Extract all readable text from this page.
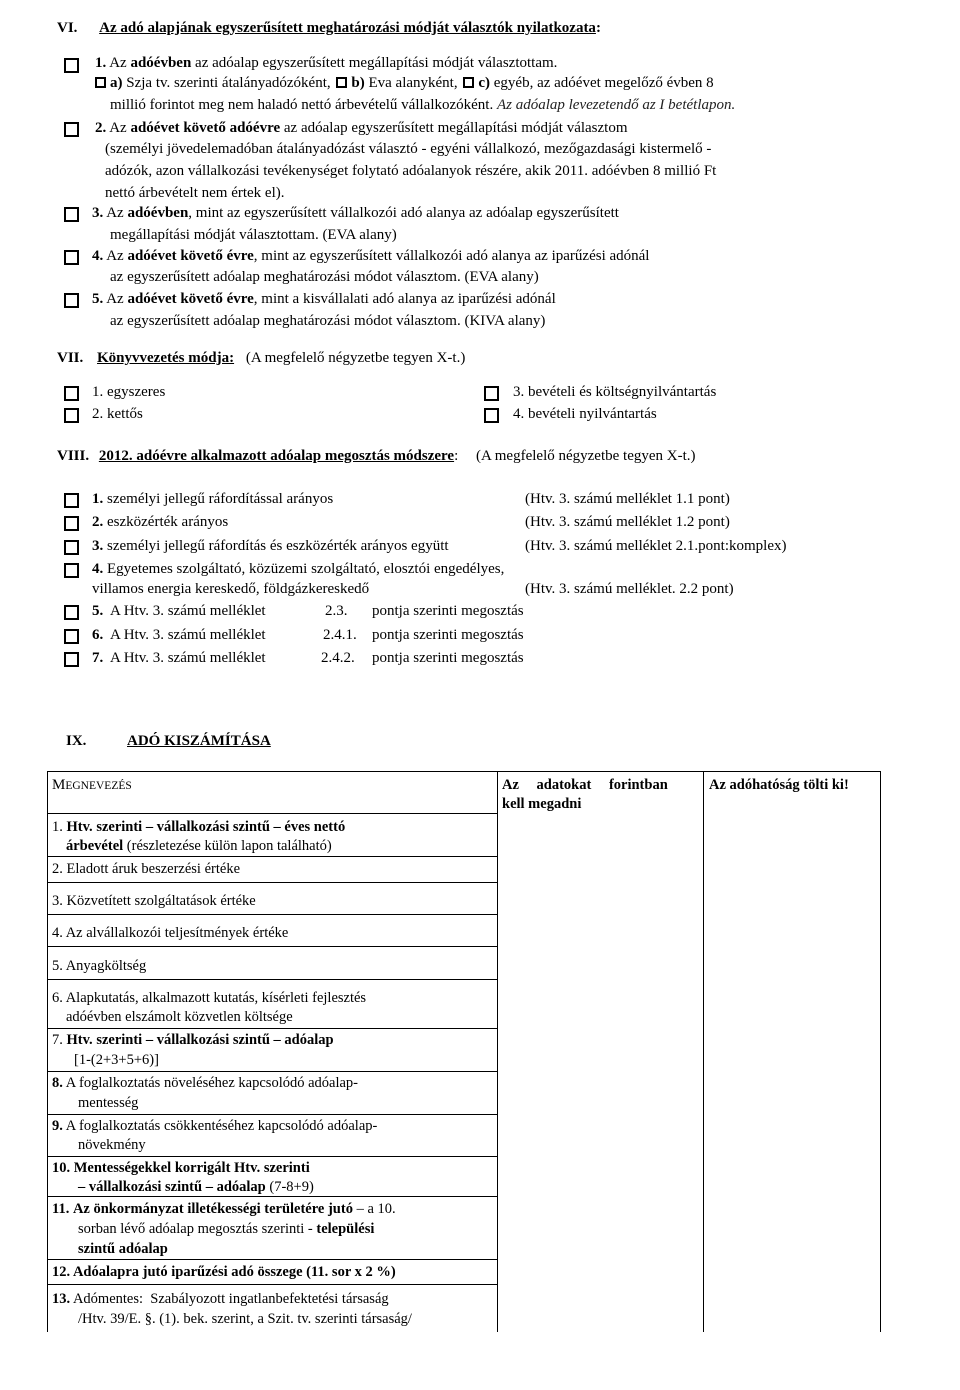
VI. Az adó alapjának egyszerűsített meghatározási módját választók nyilatkozata:
1. Az adóévben az adóalap egyszerűsített megállapítási módját választottam.
a) Szja tv. szerinti átalányadózóként, b) Eva alanyként, c) egyéb, az adóévet megelőző évben 8
millió forintot meg nem haladó nettó árbevételű vállalkozóként. Az adóalap levezetendő az I betétlapon.
2. Az adóévet követő adóévre az adóalap egyszerűsített megállapítási módját választom
(személyi jövedelemadóban átalányadózást választó - egyéni vállalkozó, mezőgazdasági kistermelő -
adózók, azon vállalkozási tevékenységet folytató adóalanyok részére, akik 2011. adóévben 8 millió Ft
nettó árbevételt nem értek el).
3. Az adóévben, mint az egyszerűsített vállalkozói adó alanya az adóalap egyszerűsített
megállapítási módját választottam. (EVA alany)
4. Az adóévet követő évre, mint az egyszerűsített vállalkozói adó alanya az iparűzési adónál
az egyszerűsített adóalap meghatározási módot választom. (EVA alany)
5. Az adóévet követő évre, mint a kisvállalati adó alanya az iparűzési adónál
az egyszerűsített adóalap meghatározási módot választom. (KIVA alany)
VII. Könyvvezetés módja: (A megfelelő négyzetbe tegyen X-t.)
1. egyszeres
2. kettős
3. bevételi és költségnyilvántartás
4. bevételi nyilvántartás
VIII. 2012. adóévre alkalmazott adóalap megosztás módszere: (A megfelelő négyzetbe tegyen X-t.)
1. személyi jellegű ráfordítással arányos	(Htv. 3. számú melléklet 1.1 pont)
2. eszközérték arányos	(Htv. 3. számú melléklet 1.2 pont)
3. személyi jellegű ráfordítás és eszközérték arányos együtt	(Htv. 3. számú melléklet 2.1.pont:komplex)
4. Egyetemes szolgáltató, közüzemi szolgáltató, elosztói engedélyes,
villamos energia kereskedő, földgázkereskedő	(Htv. 3. számú melléklet. 2.2 pont)
5. A Htv. 3. számú melléklet	2.3. pontja szerinti megosztás
6. A Htv. 3. számú melléklet	2.4.1. pontja szerinti megosztás
7. A Htv. 3. számú melléklet	2.4.2. pontja szerinti megosztás
IX.	ADÓ KISZÁMÍTÁSA
MEGNEVEZÉS	Az adatokat forintban
kell megadni
Az adóhatóság tölti ki!
1. Htv. szerinti – vállalkozási szintű – éves nettó
árbevétel (részletezése külön lapon található)
2. Eladott áruk beszerzési értéke
3. Közvetített szolgáltatások értéke
4. Az alvállalkozói teljesítmények értéke
5. Anyagköltség
6. Alapkutatás, alkalmazott kutatás, kísérleti fejlesztés
adóévben elszámolt közvetlen költsége
7. Htv. szerinti – vállalkozási szintű – adóalap
[1-(2+3+5+6)]
8. A foglalkoztatás növeléséhez kapcsolódó adóalap-
mentesség
9. A foglalkoztatás csökkentéséhez kapcsolódó adóalap-
növekmény
10. Mentességekkel korrigált Htv. szerinti
– vállalkozási szintű – adóalap (7-8+9)
11. Az önkormányzat illetékességi területére jutó – a 10.
sorban lévő adóalap megosztás szerinti - települési
szintű adóalap
12. Adóalapra jutó iparűzési adó összege (11. sor x 2 %)
13. Adómentes: Szabályozott ingatlanbefektetési társaság
/Htv. 39/E. §. (1). bek. szerint, a Szit. tv. szerinti társaság/
